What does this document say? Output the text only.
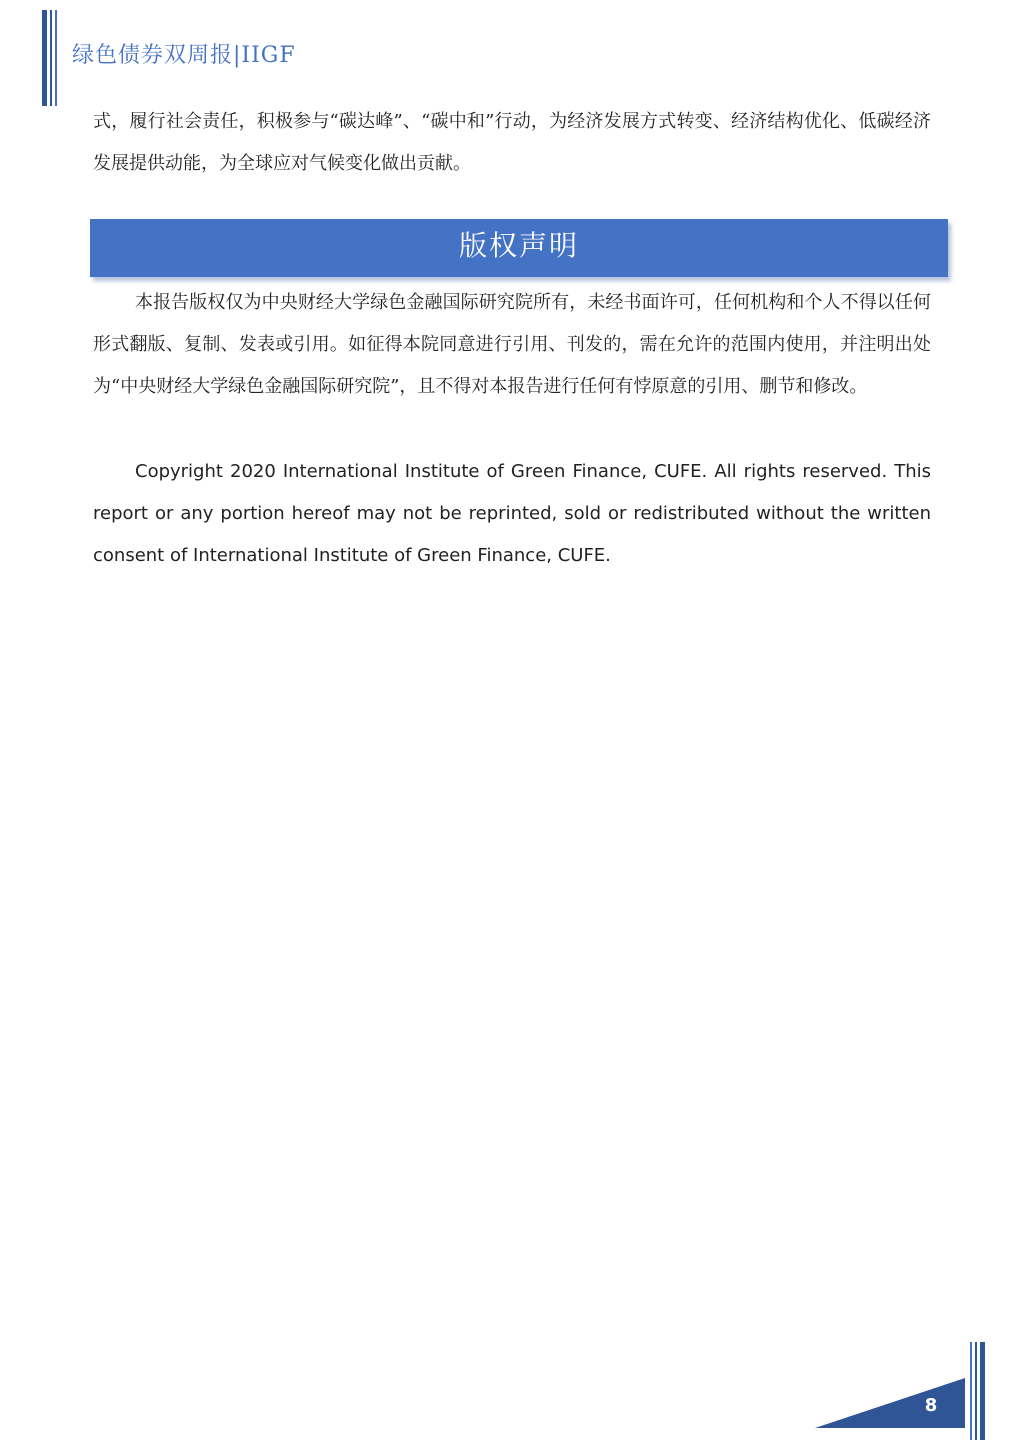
绿色债券双周报|IIGF
式，履行社会责任，积极参与“碳达峰”、“碳中和”行动，为经济发展方式转变、经济结构优化、低碳经济发展提供动能，为全球应对气候变化做出贡献。
版权声明
本报告版权仅为中央财经大学绿色金融国际研究院所有，未经书面许可，任何机构和个人不得以任何形式翻版、复制、发表或引用。如征得本院同意进行引用、刊发的，需在允许的范围内使用，并注明出处为“中央财经大学绿色金融国际研究院”，且不得对本报告进行任何有悖原意的引用、删节和修改。
Copyright 2020 International Institute of Green Finance, CUFE. All rights reserved. This report or any portion hereof may not be reprinted, sold or redistributed without the written consent of International Institute of Green Finance, CUFE.
8
